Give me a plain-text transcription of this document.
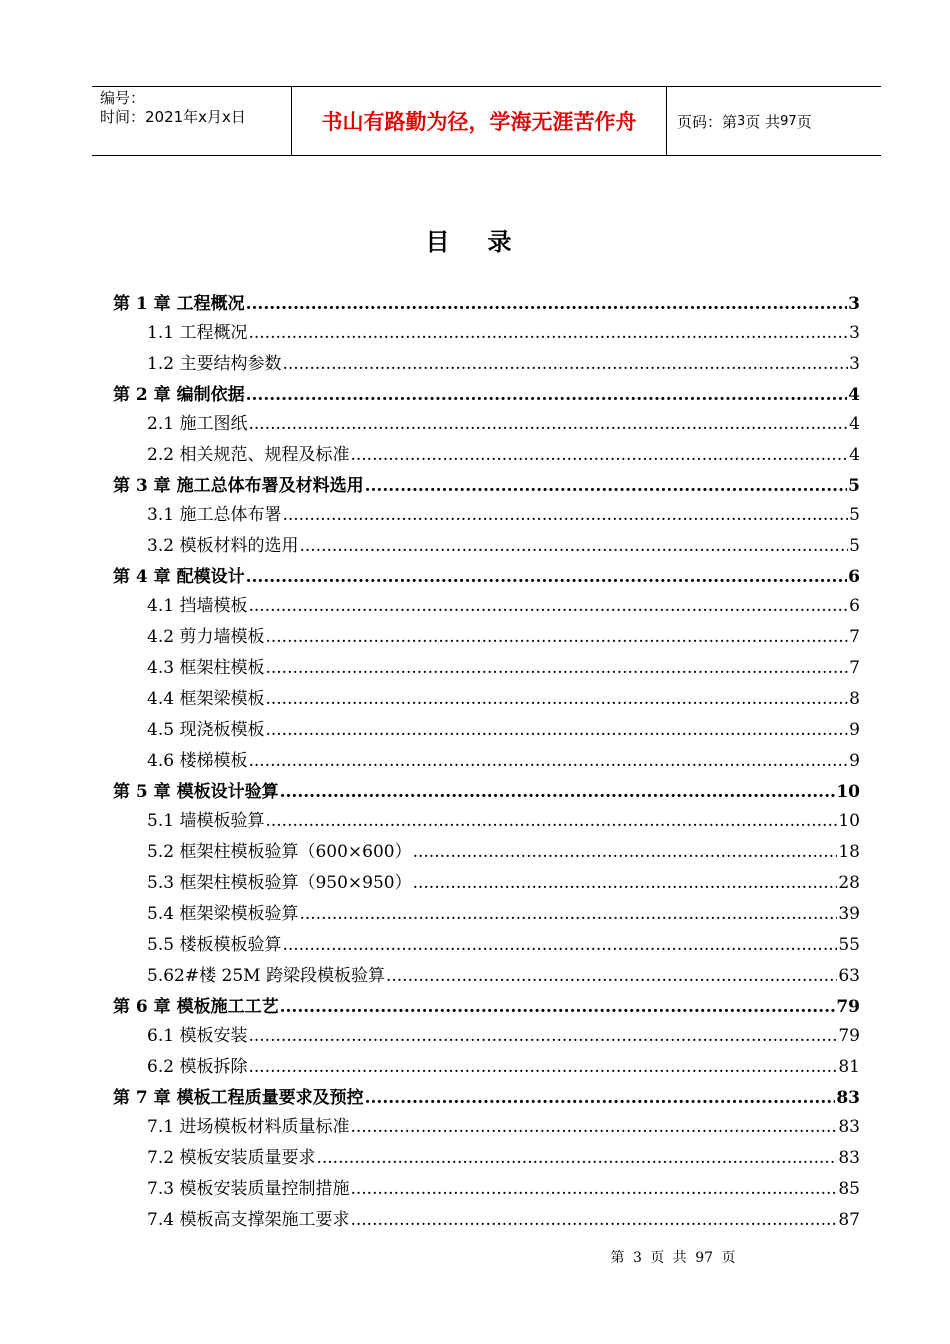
编号：
时间：2021年x月x日	书山有路勤为径，学海无涯苦作舟	页码：第 3 页 共 97 页
目录
第 1 章 工程概况 .....	3
1.1 工程概况 .....	3
1.2 主要结构参数 .....	3
第 2 章 编制依据 .....	4
2.1 施工图纸 .....	4
2.2 相关规范、规程及标准 .....	4
第 3 章 施工总体布署及材料选用 .....	5
3.1 施工总体布署 .....	5
3.2 模板材料的选用 .....	5
第 4 章 配模设计 .....	6
4.1 挡墙模板 .....	6
4.2 剪力墙模板 .....	7
4.3 框架柱模板 .....	7
4.4 框架梁模板 .....	8
4.5 现浇板模板 .....	9
4.6 楼梯模板 .....	9
第 5 章 模板设计验算 .....	10
5.1 墙模板验算 .....	10
5.2 框架柱模板验算（600×600） .....	18
5.3 框架柱模板验算（950×950） .....	28
5.4 框架梁模板验算 .....	39
5.5 楼板模板验算 .....	55
5.62#楼 25M 跨梁段模板验算 .....	63
第 6 章 模板施工工艺 .....	79
6.1 模板安装 .....	79
6.2 模板拆除 .....	81
第 7 章 模板工程质量要求及预控 .....	83
7.1 进场模板材料质量标准 .....	83
7.2 模板安装质量要求 .....	83
7.3 模板安装质量控制措施 .....	85
7.4 模板高支撑架施工要求 .....	87
第 3 页 共 97 页
